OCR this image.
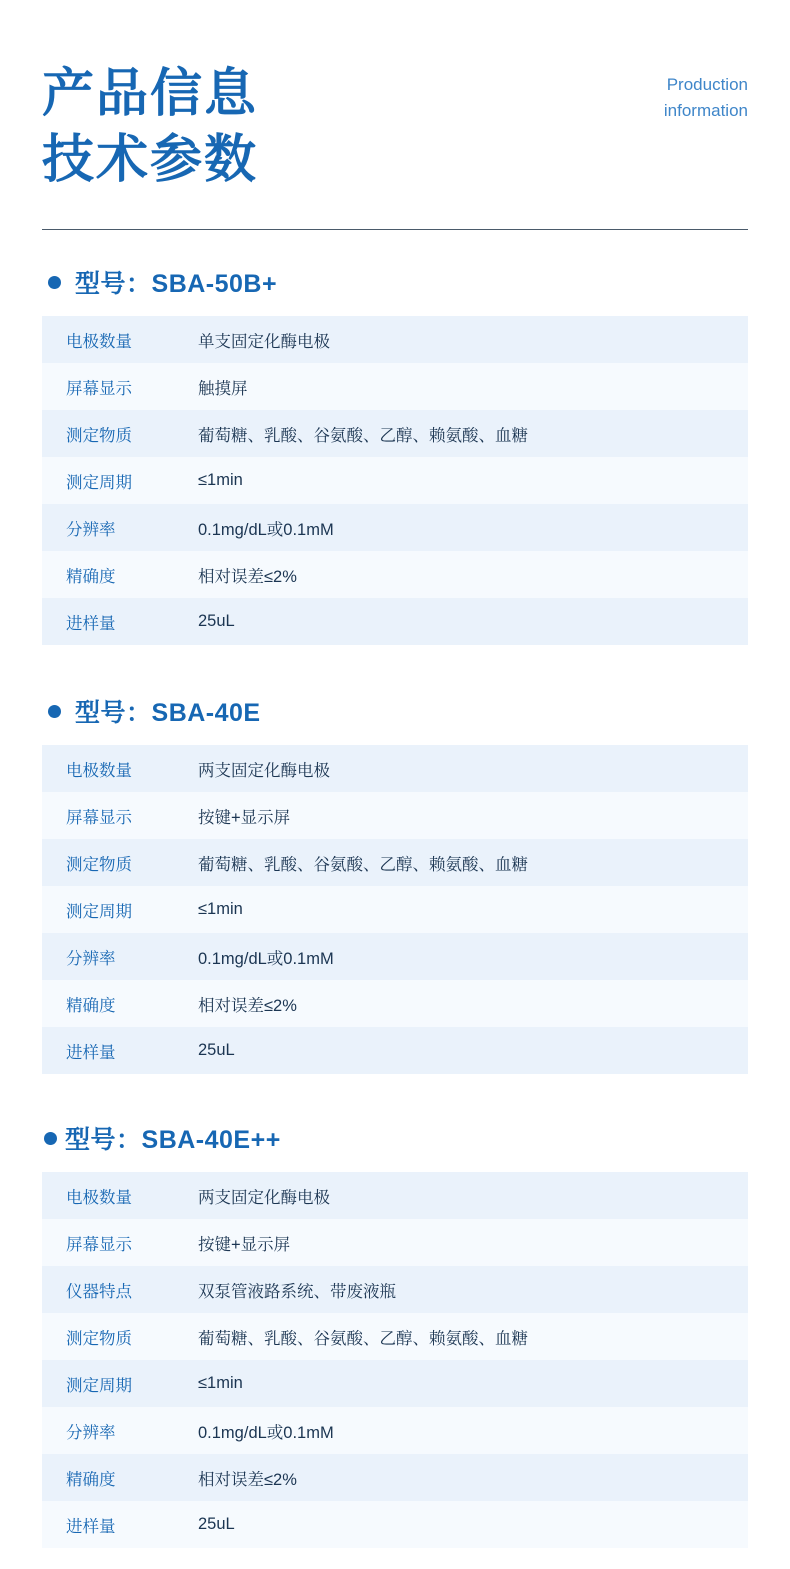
产品信息
技术参数
Production
information
型号：SBA-50B+
电极数量	单支固定化酶电极
屏幕显示	触摸屏
测定物质	葡萄糖、乳酸、谷氨酸、乙醇、赖氨酸、血糖
测定周期	≤1min
分辨率	0.1mg/dL或0.1mM
精确度	相对误差≤2%
进样量	25uL
型号：SBA-40E
电极数量	两支固定化酶电极
屏幕显示	按键+显示屏
测定物质	葡萄糖、乳酸、谷氨酸、乙醇、赖氨酸、血糖
测定周期	≤1min
分辨率	0.1mg/dL或0.1mM
精确度	相对误差≤2%
进样量	25uL
型号：SBA-40E++
电极数量	两支固定化酶电极
屏幕显示	按键+显示屏
仪器特点	双泵管液路系统、带废液瓶
测定物质	葡萄糖、乳酸、谷氨酸、乙醇、赖氨酸、血糖
测定周期	≤1min
分辨率	0.1mg/dL或0.1mM
精确度	相对误差≤2%
进样量	25uL
